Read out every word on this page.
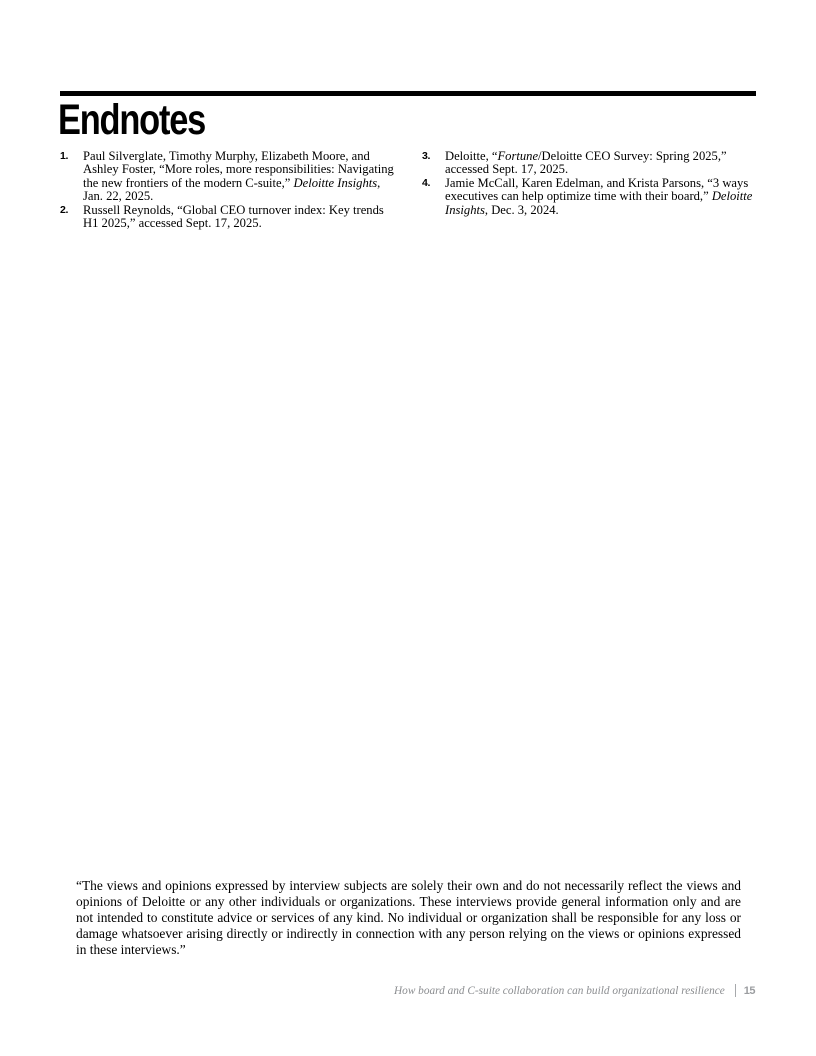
Endnotes
1.	Paul Silverglate, Timothy Murphy, Elizabeth Moore, and Ashley Foster, “More roles, more responsibilities: Navigating the new frontiers of the modern C-suite,” Deloitte Insights, Jan. 22, 2025.

2.	Russell Reynolds, “Global CEO turnover index: Key trends H1 2025,” accessed Sept. 17, 2025.

3.	Deloitte, “Fortune/Deloitte CEO Survey: Spring 2025,” accessed Sept. 17, 2025.

4.	Jamie McCall, Karen Edelman, and Krista Parsons, “3 ways executives can help optimize time with their board,” Deloitte Insights, Dec. 3, 2024.

“The views and opinions expressed by interview subjects are solely their own and do not necessarily reflect the views and opinions of Deloitte or any other individuals or organizations. These interviews provide general information only and are not intended to constitute advice or services of any kind. No individual or organization shall be responsible for any loss or damage whatsoever arising directly or indirectly in connection with any person relying on the views or opinions expressed in these interviews.”

How board and C-suite collaboration can build organizational resilience 15
